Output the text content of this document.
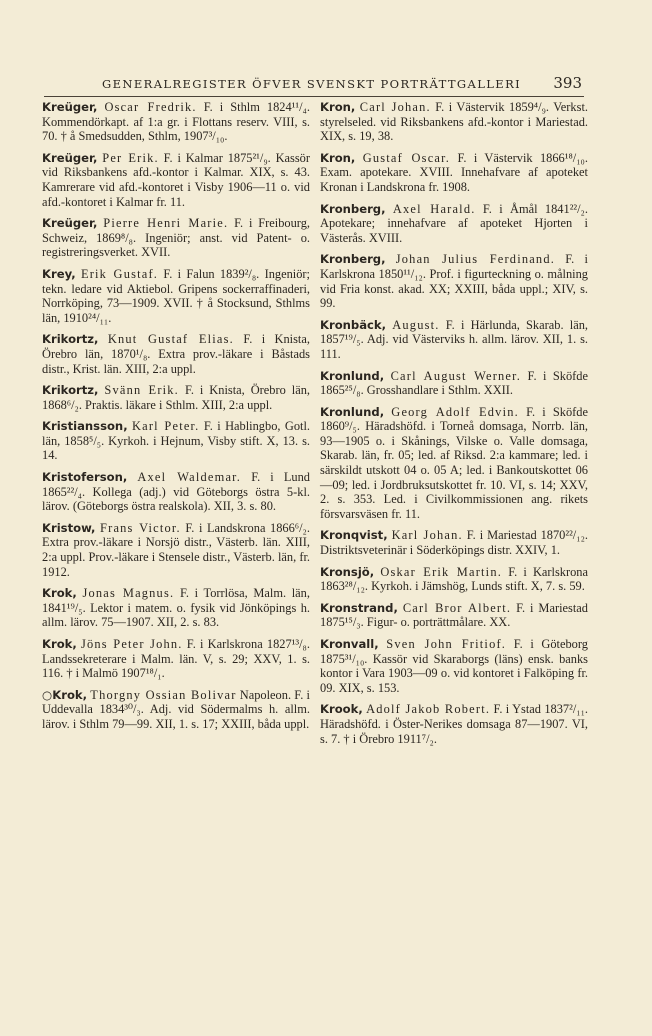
GENERALREGISTER ÖFVER SVENSKT PORTRÄTTGALLERI 393

Kreüger, Oscar Fredrik. F. i Sthlm 1824¹¹/₄. Kommendörkapt. af 1:a gr. i Flottans reserv. VIII, s. 70. † å Smedsudden, Sthlm, 1907³/₁₀.

Kreüger, Per Erik. F. i Kalmar 1875²¹/₉. Kassör vid Riksbankens afd.-kontor i Kalmar. XIX, s. 43. Kamrerare vid afd.-kontoret i Visby 1906—11 o. vid afd.-kontoret i Kalmar fr. 11.

Kreüger, Pierre Henri Marie. F. i Freibourg, Schweiz, 1869⁸/₈. Ingeniör; anst. vid Patent- o. registreringsverket. XVII.

Krey, Erik Gustaf. F. i Falun 1839²/₈. Ingeniör; tekn. ledare vid Aktiebol. Gripens sockerraffinaderi, Norrköping, 73—1909. XVII. † å Stocksund, Sthlms län, 1910²⁴/₁₁.

Krikortz, Knut Gustaf Elias. F. i Knista, Örebro län, 1870¹/₈. Extra prov.-läkare i Båstads distr., Krist. län. XIII, 2:a uppl.

Krikortz, Svänn Erik. F. i Knista, Örebro län, 1868⁶/₂. Praktis. läkare i Sthlm. XIII, 2:a uppl.

Kristiansson, Karl Peter. F. i Hablingbo, Gotl. län, 1858⁵/₅. Kyrkoh. i Hejnum, Visby stift. X, 13. s. 14.

Kristoferson, Axel Waldemar. F. i Lund 1865²²/₄. Kollega (adj.) vid Göteborgs östra 5-kl. lärov. (Göteborgs östra realskola). XII, 3. s. 80.

Kristow, Frans Victor. F. i Landskrona 1866⁶/₂. Extra prov.-läkare i Norsjö distr., Västerb. län. XIII, 2:a uppl. Prov.-läkare i Stensele distr., Västerb. län, fr. 1912.

Krok, Jonas Magnus. F. i Torrlösa, Malm. län, 1841¹⁹/₅. Lektor i matem. o. fysik vid Jönköpings h. allm. lärov. 75—1907. XII, 2. s. 83.

Krok, Jöns Peter John. F. i Karlskrona 1827¹³/₈. Landssekreterare i Malm. län. V, s. 29; XXV, 1. s. 116. † i Malmö 1907¹⁸/₁.

○Krok, Thorgny Ossian Bolivar Napoleon. F. i Uddevalla 1834³⁰/₃. Adj. vid Södermalms h. allm. lärov. i Sthlm 79—99. XII, 1. s. 17; XXIII, båda uppl.

Kron, Carl Johan. F. i Västervik 1859⁴/₉. Verkst. styrelseled. vid Riksbankens afd.-kontor i Mariestad. XIX, s. 19, 38.

Kron, Gustaf Oscar. F. i Västervik 1866¹⁸/₁₀. Exam. apotekare. XVIII. Innehafvare af apoteket Kronan i Landskrona fr. 1908.

Kronberg, Axel Harald. F. i Åmål 1841²²/₂. Apotekare; innehafvare af apoteket Hjorten i Västerås. XVIII.

Kronberg, Johan Julius Ferdinand. F. i Karlskrona 1850¹¹/₁₂. Prof. i figurteckning o. målning vid Fria konst. akad. XX; XXIII, båda uppl.; XIV, s. 99.

Kronbäck, August. F. i Härlunda, Skarab. län, 1857¹⁹/₅. Adj. vid Västerviks h. allm. lärov. XII, 1. s. 111.

Kronlund, Carl August Werner. F. i Sköfde 1865²⁵/₈. Grosshandlare i Sthlm. XXII.

Kronlund, Georg Adolf Edvin. F. i Sköfde 1860⁹/₅. Häradshöfd. i Torneå domsaga, Norrb. län, 93—1905 o. i Skånings, Vilske o. Valle domsaga, Skarab. län, fr. 05; led. af Riksd. 2:a kammare; led. i särskildt utskott 04 o. 05 A; led. i Bankoutskottet 06—09; led. i Jordbruksutskottet fr. 10. VI, s. 14; XXV, 2. s. 353. Led. i Civilkommissionen ang. rikets försvarsväsen fr. 11.

Kronqvist, Karl Johan. F. i Mariestad 1870²²/₁₂. Distriktsveterinär i Söderköpings distr. XXIV, 1.

Kronsjö, Oskar Erik Martin. F. i Karlskrona 1863²⁸/₁₂. Kyrkoh. i Jämshög, Lunds stift. X, 7. s. 59.

Kronstrand, Carl Bror Albert. F. i Mariestad 1875¹⁵/₃. Figur- o. porträttmålare. XX.

Kronvall, Sven John Fritiof. F. i Göteborg 1875³¹/₁₀. Kassör vid Skaraborgs (läns) ensk. banks kontor i Vara 1903—09 o. vid kontoret i Falköping fr. 09. XIX, s. 153.

Krook, Adolf Jakob Robert. F. i Ystad 1837²/₁₁. Häradshöfd. i Öster-Nerikes domsaga 87—1907. VI, s. 7. † i Örebro 1911⁷/₂.
